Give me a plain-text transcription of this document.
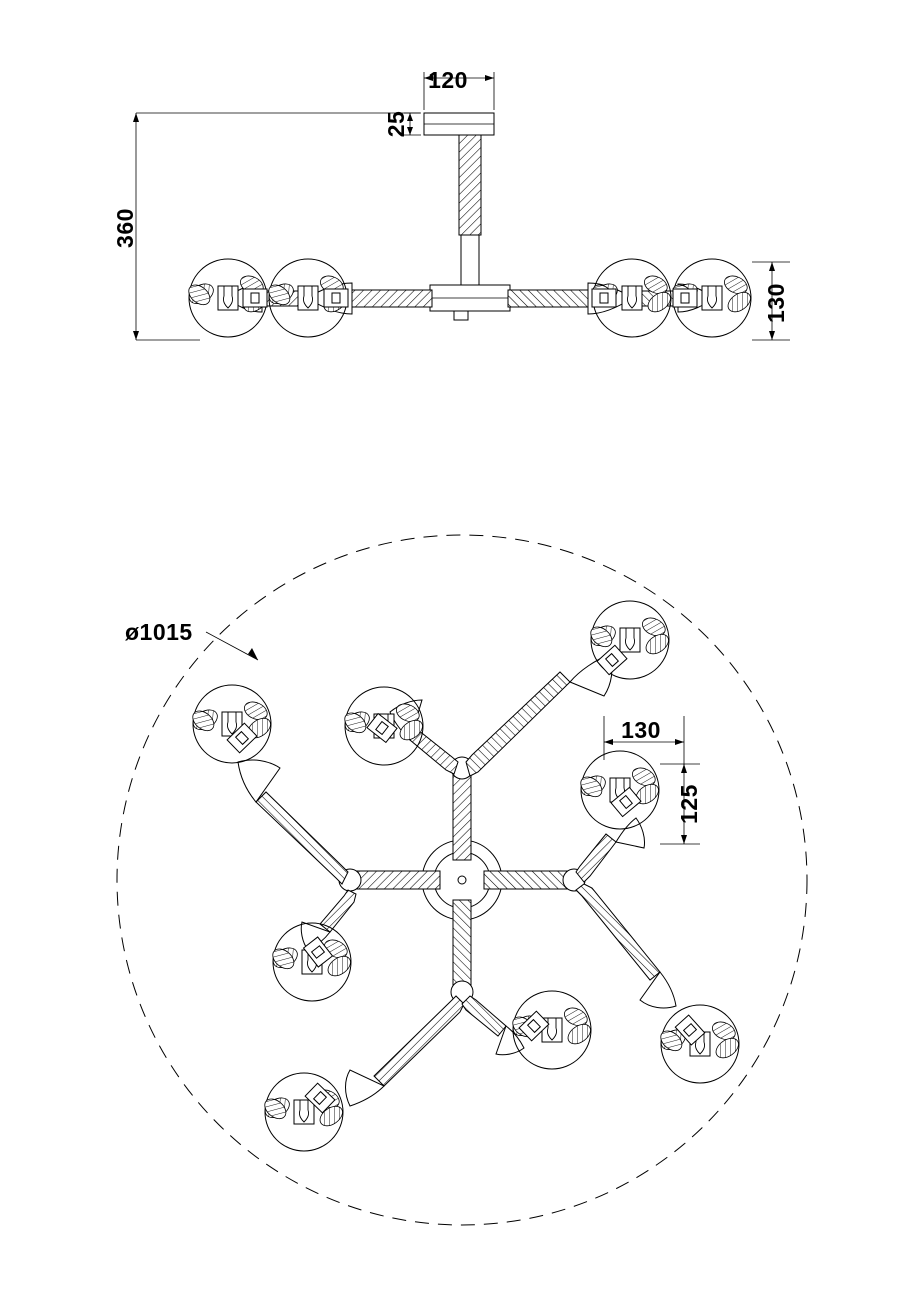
120
25
360
130
ø1015
130
125
